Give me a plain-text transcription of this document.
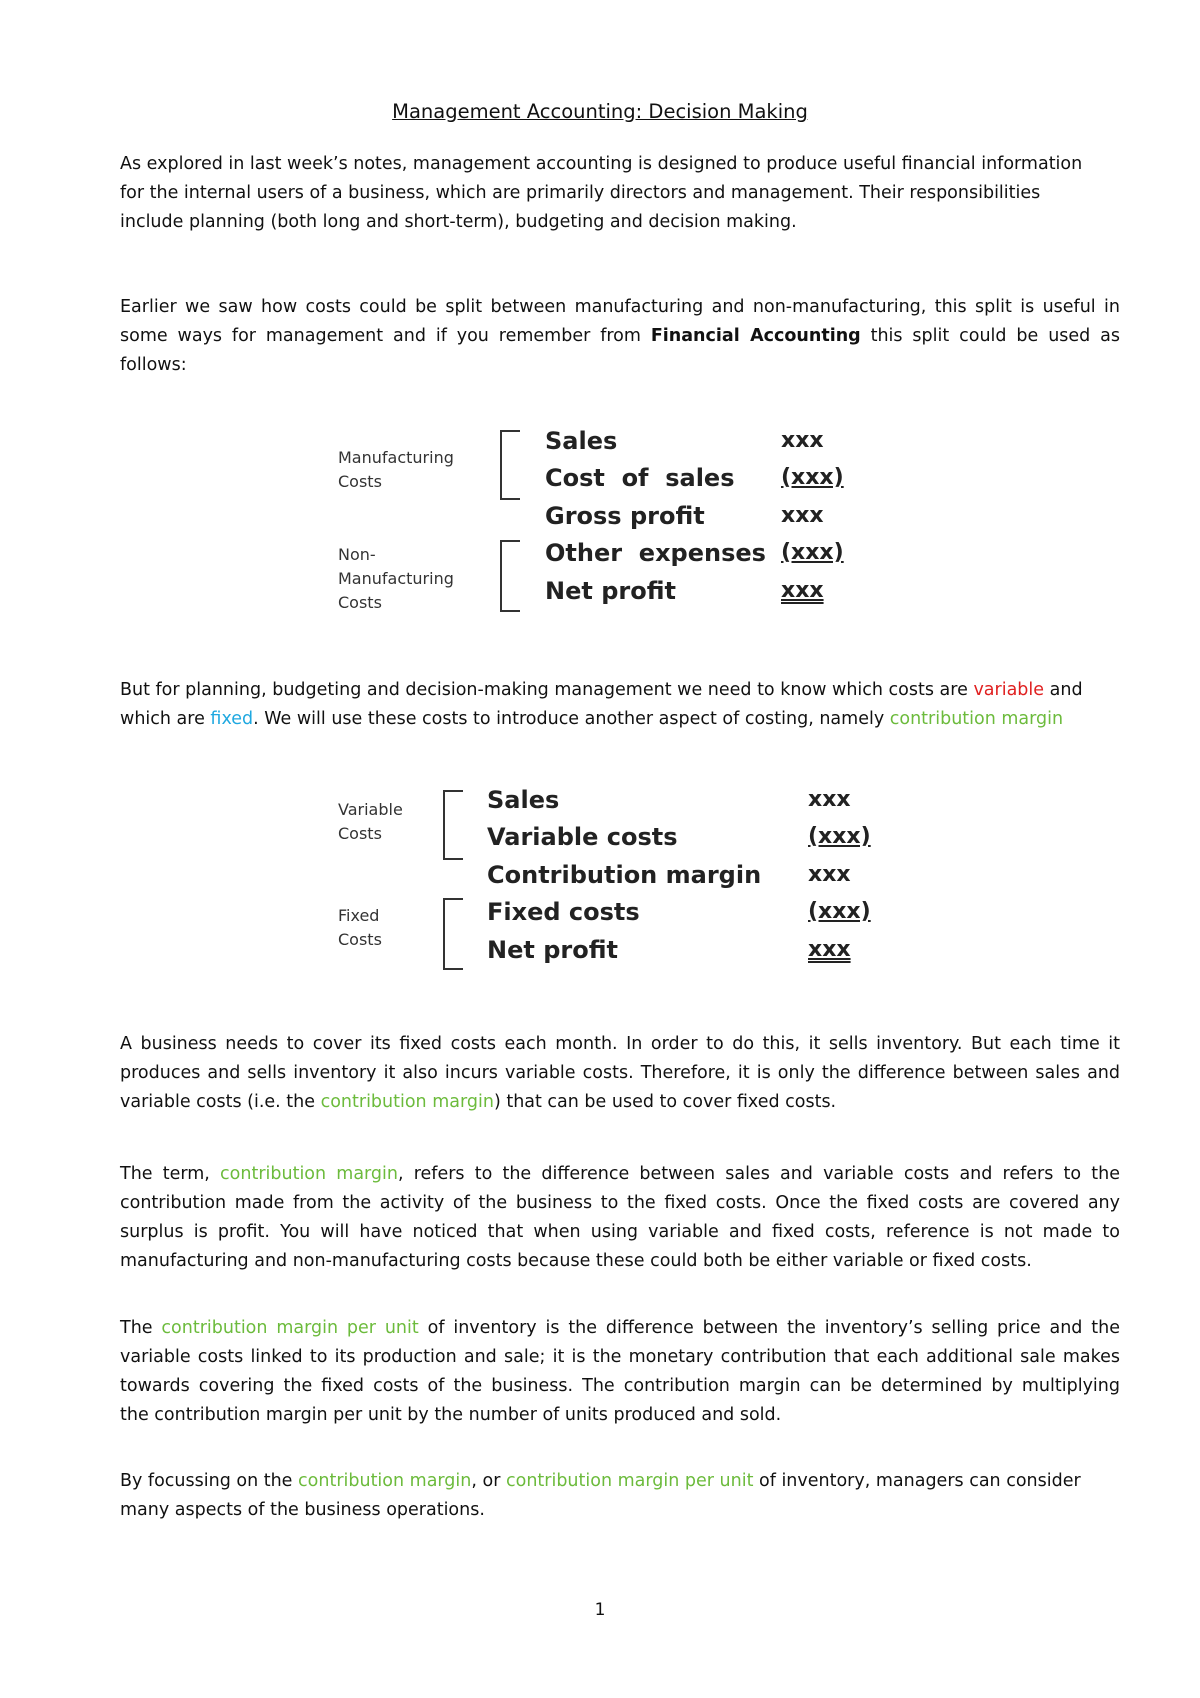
Management Accounting: Decision Making
As explored in last week’s notes, management accounting is designed to produce useful financial information
for the internal users of a business, which are primarily directors and management. Their responsibilities
include planning (both long and short-term), budgeting and decision making.
Earlier we saw how costs could be split between manufacturing and non-manufacturing, this split is useful in
some ways for management and if you remember from Financial Accounting this split could be used as
follows:
Manufacturing
Costs
Non-
Manufacturing
Costs
Sales	xxx
Cost  of  sales (xxx)
Gross profit	xxx
Other  expenses (xxx)
Net profit	xxx
But for planning, budgeting and decision-making management we need to know which costs are variable and
which are fixed. We will use these costs to introduce another aspect of costing, namely contribution margin
Variable
Costs
Fixed
Costs
Sales	xxx
Variable costs	(xxx)
Contribution margin xxx
Fixed costs	(xxx)
Net profit	xxx
A business needs to cover its fixed costs each month. In order to do this, it sells inventory. But each time it
produces and sells inventory it also incurs variable costs. Therefore, it is only the difference between sales and
variable costs (i.e. the contribution margin) that can be used to cover fixed costs.
The term, contribution margin, refers to the difference between sales and variable costs and refers to the
contribution made from the activity of the business to the fixed costs. Once the fixed costs are covered any
surplus is profit. You will have noticed that when using variable and fixed costs, reference is not made to
manufacturing and non-manufacturing costs because these could both be either variable or fixed costs.
The contribution margin per unit of inventory is the difference between the inventory’s selling price and the
variable costs linked to its production and sale; it is the monetary contribution that each additional sale makes
towards covering the fixed costs of the business. The contribution margin can be determined by multiplying
the contribution margin per unit by the number of units produced and sold.
By focussing on the contribution margin, or contribution margin per unit of inventory, managers can consider
many aspects of the business operations.
1
